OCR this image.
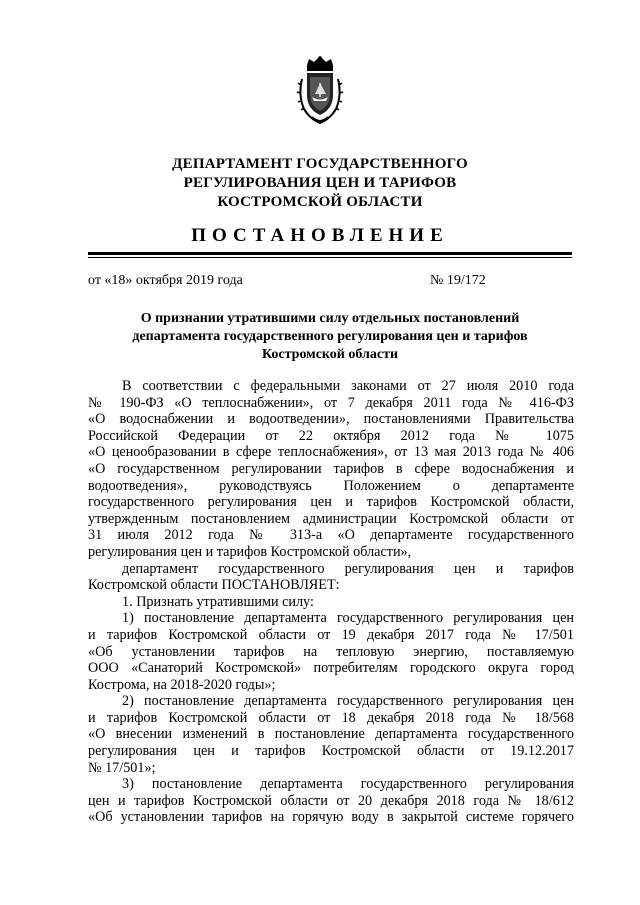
ДЕПАРТАМЕНТ ГОСУДАРСТВЕННОГО
РЕГУЛИРОВАНИЯ ЦЕН И ТАРИФОВ
КОСТРОМСКОЙ ОБЛАСТИ
ПОСТАНОВЛЕНИЕ
от «18» октября 2019 года	№ 19/172
О признании утратившими силу отдельных постановлений
департамента государственного регулирования цен и тарифов
Костромской области
В соответствии с федеральными законами от 27 июля 2010 года
№ 190-ФЗ «О теплоснабжении», от 7 декабря 2011 года № 416-ФЗ
«О водоснабжении и водоотведении», постановлениями Правительства
Российской Федерации от 22 октября 2012 года № 1075
«О ценообразовании в сфере теплоснабжения», от 13 мая 2013 года № 406
«О государственном регулировании тарифов в сфере водоснабжения и
водоотведения», руководствуясь Положением о департаменте
государственного регулирования цен и тарифов Костромской области,
утвержденным постановлением администрации Костромской области от
31 июля 2012 года № 313-а «О департаменте государственного
регулирования цен и тарифов Костромской области»,
департамент государственного регулирования цен и тарифов
Костромской области ПОСТАНОВЛЯЕТ:
1. Признать утратившими силу:
1) постановление департамента государственного регулирования цен
и тарифов Костромской области от 19 декабря 2017 года № 17/501
«Об установлении тарифов на тепловую энергию, поставляемую
ООО «Санаторий Костромской» потребителям городского округа город
Кострома, на 2018-2020 годы»;
2) постановление департамента государственного регулирования цен
и тарифов Костромской области от 18 декабря 2018 года № 18/568
«О внесении изменений в постановление департамента государственного
регулирования цен и тарифов Костромской области от 19.12.2017
№ 17/501»;
3) постановление департамента государственного регулирования
цен и тарифов Костромской области от 20 декабря 2018 года № 18/612
«Об установлении тарифов на горячую воду в закрытой системе горячего
